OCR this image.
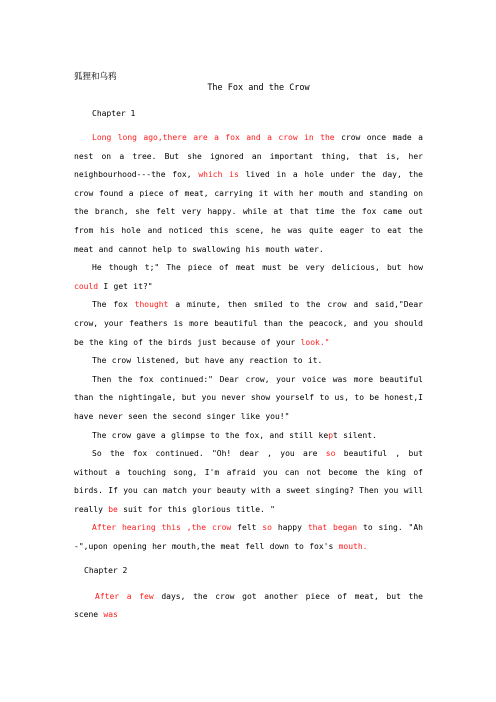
狐狸和乌鸦
The Fox and the Crow
Chapter 1

Long long ago,there are a fox and a crow in the crow once made a nest on a tree. But she ignored an important thing, that is, her neighbourhood---the fox, which is lived in a hole under the day, the crow found a piece of meat, carrying it with her mouth and standing on the branch, she felt very happy. while at that time the fox came out from his hole and noticed this scene, he was quite eager to eat the meat and cannot help to swallowing his mouth water.

He though t;" The piece of meat must be very delicious, but how could I get it?"

The fox thought a minute, then smiled to the crow and said,"Dear crow, your feathers is more beautiful than the peacock, and you should be the king of the birds just because of your look."

The crow listened, but have any reaction to it.

Then the fox continued:" Dear crow, your voice was more beautiful than the nightingale, but you never show yourself to us, to be honest,I have never seen the second singer like you!"

The crow gave a glimpse to the fox, and still kept silent.

So the fox continued. "Oh! dear , you are so beautiful , but without a touching song, I'm afraid you can not become the king of birds. If you can match your beauty with a sweet singing? Then you will really be suit for this glorious title. "

After hearing this ,the crow felt so happy that began to sing. "Ah -",upon opening her mouth,the meat fell down to fox's mouth.

Chapter 2

After a few days, the crow got another piece of meat, but the scene was
